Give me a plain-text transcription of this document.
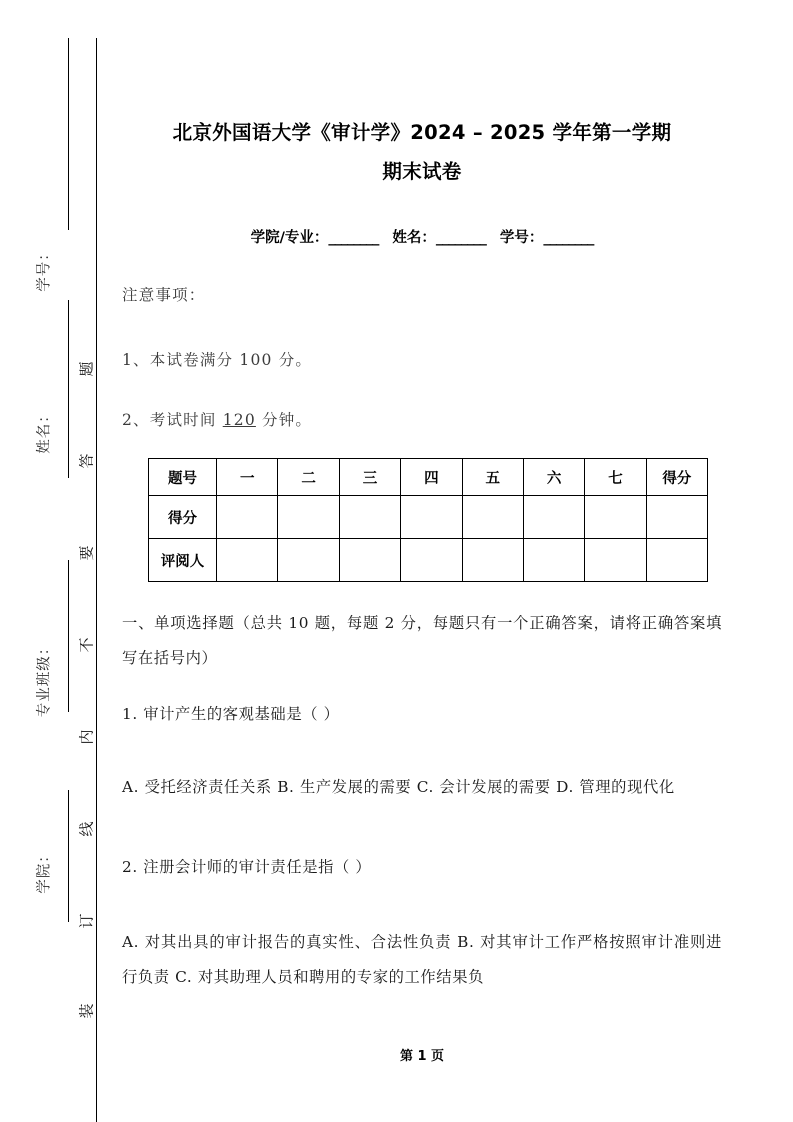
学号：
姓名：
专业班级：
学院：
题
答
要
不
内
线
订
装
北京外国语大学《审计学》2024 – 2025 学年第一学期
期末试卷
学院/专业：________ 姓名：________ 学号：________
注意事项：
1、本试卷满分 100 分。
2、考试时间 120 分钟。
题号	一	二	三	四	五	六	七	得分
得分								
评阅人								
一、单项选择题（总共 10 题，每题 2 分，每题只有一个正确答案，请将正确答案填写在括号内）
1. 审计产生的客观基础是（ ）
A. 受托经济责任关系 B. 生产发展的需要 C. 会计发展的需要 D. 管理的现代化
2. 注册会计师的审计责任是指（ ）
A. 对其出具的审计报告的真实性、合法性负责 B. 对其审计工作严格按照审计准则进行负责 C. 对其助理人员和聘用的专家的工作结果负
第 1 页
